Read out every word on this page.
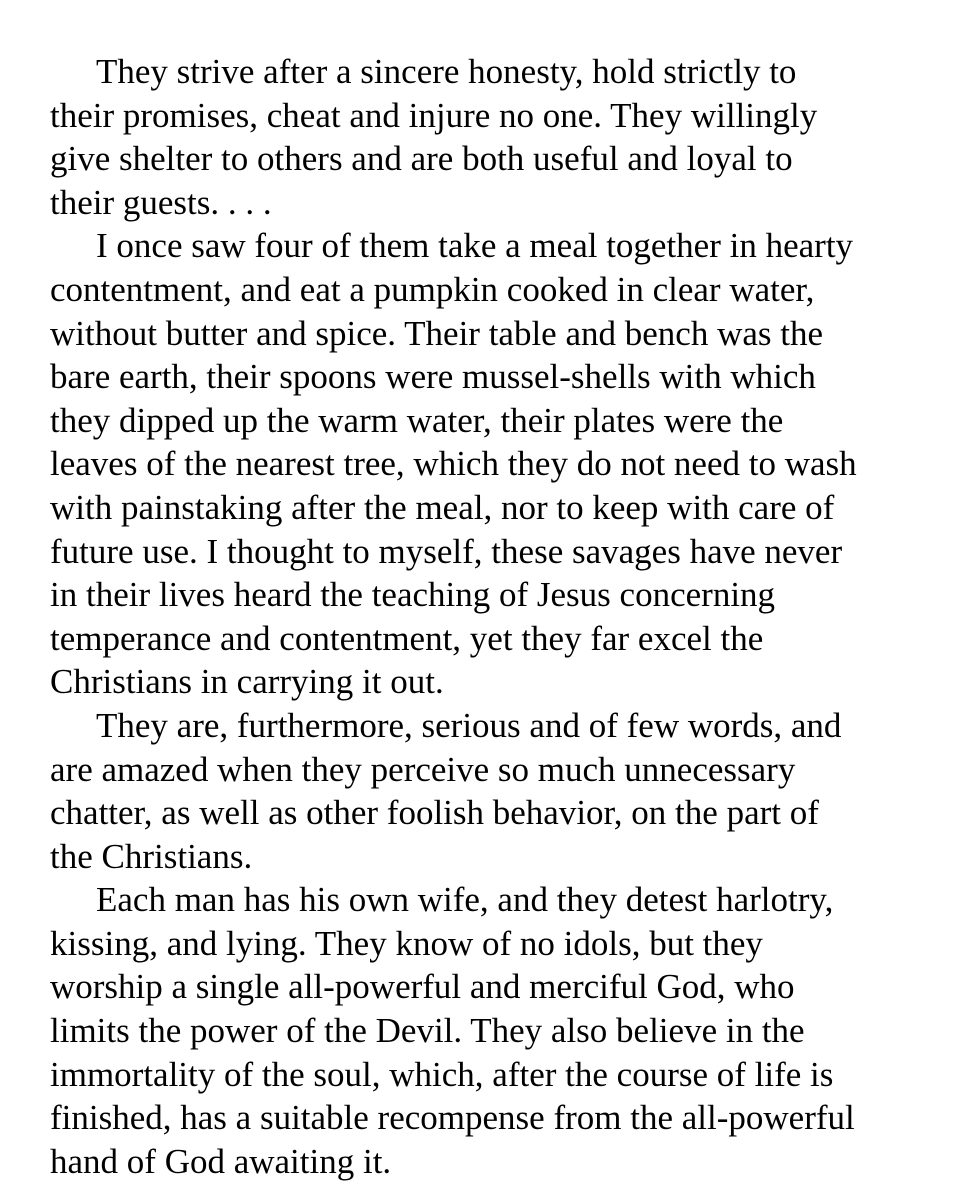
They strive after a sincere honesty, hold strictly to
their promises, cheat and injure no one. They willingly
give shelter to others and are both useful and loyal to
their guests. . . .
I once saw four of them take a meal together in hearty
contentment, and eat a pumpkin cooked in clear water,
without butter and spice. Their table and bench was the
bare earth, their spoons were mussel-shells with which
they dipped up the warm water, their plates were the
leaves of the nearest tree, which they do not need to wash
with painstaking after the meal, nor to keep with care of
future use. I thought to myself, these savages have never
in their lives heard the teaching of Jesus concerning
temperance and contentment, yet they far excel the
Christians in carrying it out.
They are, furthermore, serious and of few words, and
are amazed when they perceive so much unnecessary
chatter, as well as other foolish behavior, on the part of
the Christians.
Each man has his own wife, and they detest harlotry,
kissing, and lying. They know of no idols, but they
worship a single all-powerful and merciful God, who
limits the power of the Devil. They also believe in the
immortality of the soul, which, after the course of life is
finished, has a suitable recompense from the all-powerful
hand of God awaiting it.
